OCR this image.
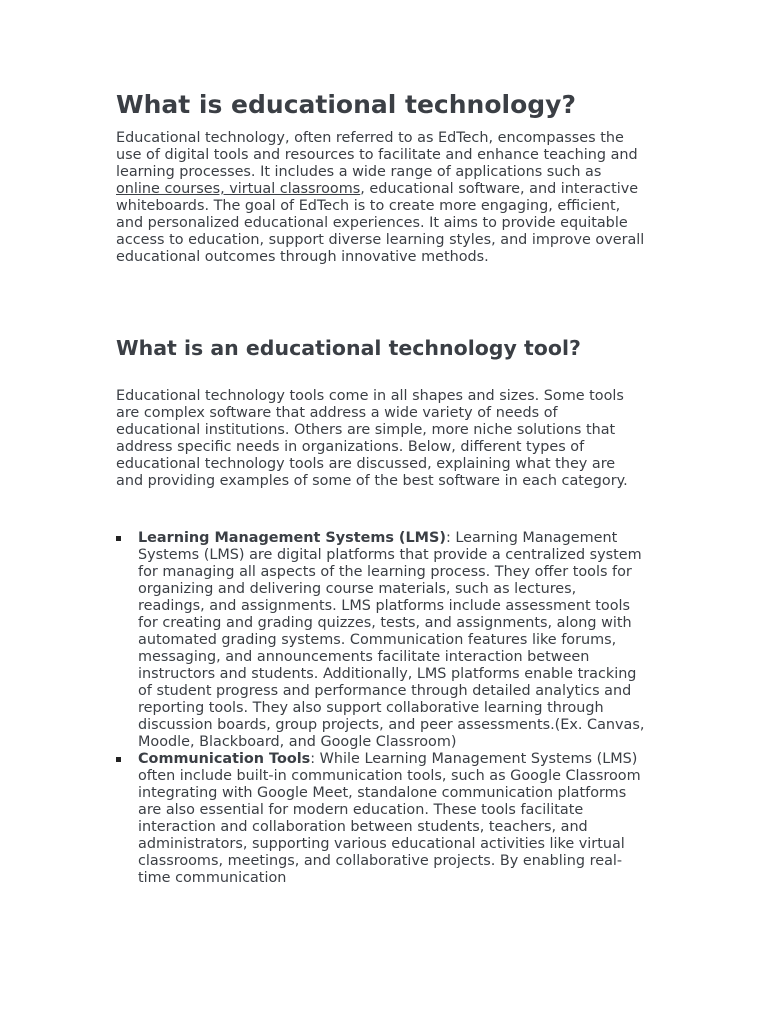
What is educational technology?

Educational technology, often referred to as EdTech, encompasses the use of digital tools and resources to facilitate and enhance teaching and learning processes. It includes a wide range of applications such as online courses, virtual classrooms, educational software, and interactive whiteboards. The goal of EdTech is to create more engaging, efficient, and personalized educational experiences. It aims to provide equitable access to education, support diverse learning styles, and improve overall educational outcomes through innovative methods.

What is an educational technology tool?

Educational technology tools come in all shapes and sizes. Some tools are complex software that address a wide variety of needs of educational institutions. Others are simple, more niche solutions that address specific needs in organizations. Below, different types of educational technology tools are discussed, explaining what they are and providing examples of some of the best software in each category.

Learning Management Systems (LMS): Learning Management Systems (LMS) are digital platforms that provide a centralized system for managing all aspects of the learning process. They offer tools for organizing and delivering course materials, such as lectures, readings, and assignments. LMS platforms include assessment tools for creating and grading quizzes, tests, and assignments, along with automated grading systems. Communication features like forums, messaging, and announcements facilitate interaction between instructors and students. Additionally, LMS platforms enable tracking of student progress and performance through detailed analytics and reporting tools. They also support collaborative learning through discussion boards, group projects, and peer assessments.(Ex. Canvas, Moodle, Blackboard, and Google Classroom)
Communication Tools: While Learning Management Systems (LMS) often include built-in communication tools, such as Google Classroom integrating with Google Meet, standalone communication platforms are also essential for modern education. These tools facilitate interaction and collaboration between students, teachers, and administrators, supporting various educational activities like virtual classrooms, meetings, and collaborative projects. By enabling real-time communication
